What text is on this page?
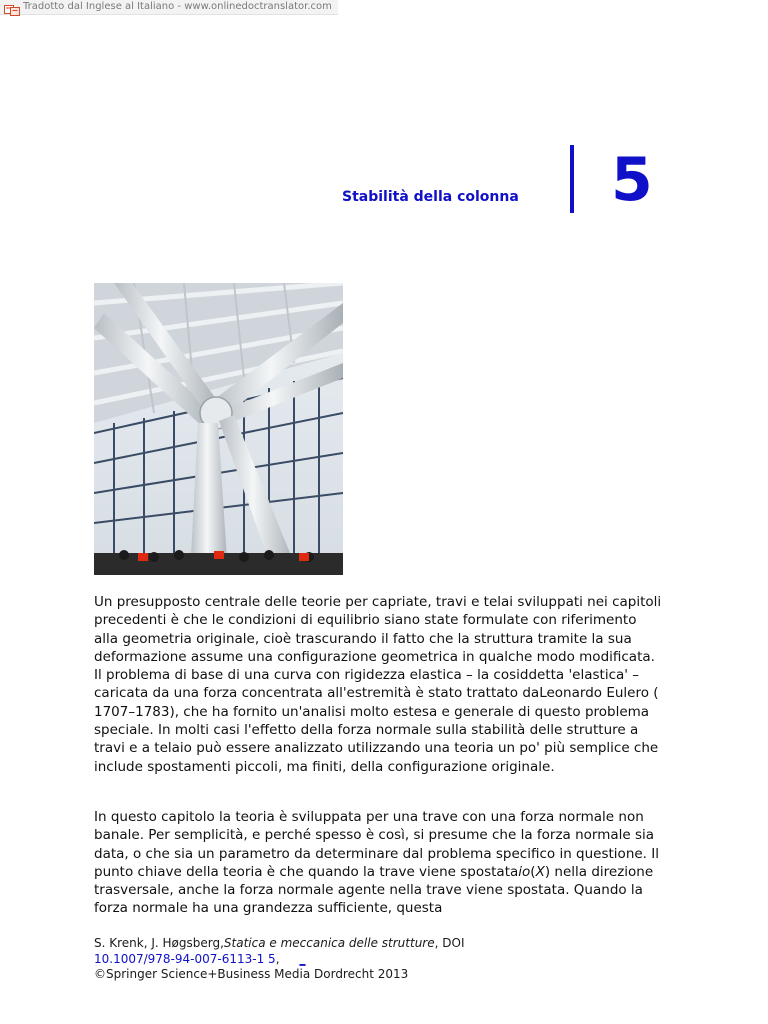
Tradotto dal Inglese al Italiano - www.onlinedoctranslator.com
Stabilità della colonna 5

Un presupposto centrale delle teorie per capriate, travi e telai sviluppati nei capitoli
precedenti è che le condizioni di equilibrio siano state formulate con riferimento
alla geometria originale, cioè trascurando il fatto che la struttura tramite la sua
deformazione assume una configurazione geometrica in qualche modo modificata.
Il problema di base di una curva con rigidezza elastica – la cosiddetta 'elastica' –
caricata da una forza concentrata all'estremità è stato trattato daLeonardo Eulero (
1707–1783), che ha fornito un'analisi molto estesa e generale di questo problema
speciale. In molti casi l'effetto della forza normale sulla stabilità delle strutture a
travi e a telaio può essere analizzato utilizzando una teoria un po' più semplice che
include spostamenti piccoli, ma finiti, della configurazione originale.

In questo capitolo la teoria è sviluppata per una trave con una forza normale non
banale. Per semplicità, e perché spesso è così, si presume che la forza normale sia
data, o che sia un parametro da determinare dal problema specifico in questione. Il
punto chiave della teoria è che quando la trave viene spostataio(X) nella direzione
trasversale, anche la forza normale agente nella trave viene spostata. Quando la
forza normale ha una grandezza sufficiente, questa

S. Krenk, J. Høgsberg,Statica e meccanica delle strutture, DOI
10.1007/978-94-007-6113-1 5, _
©Springer Science+Business Media Dordrecht 2013
